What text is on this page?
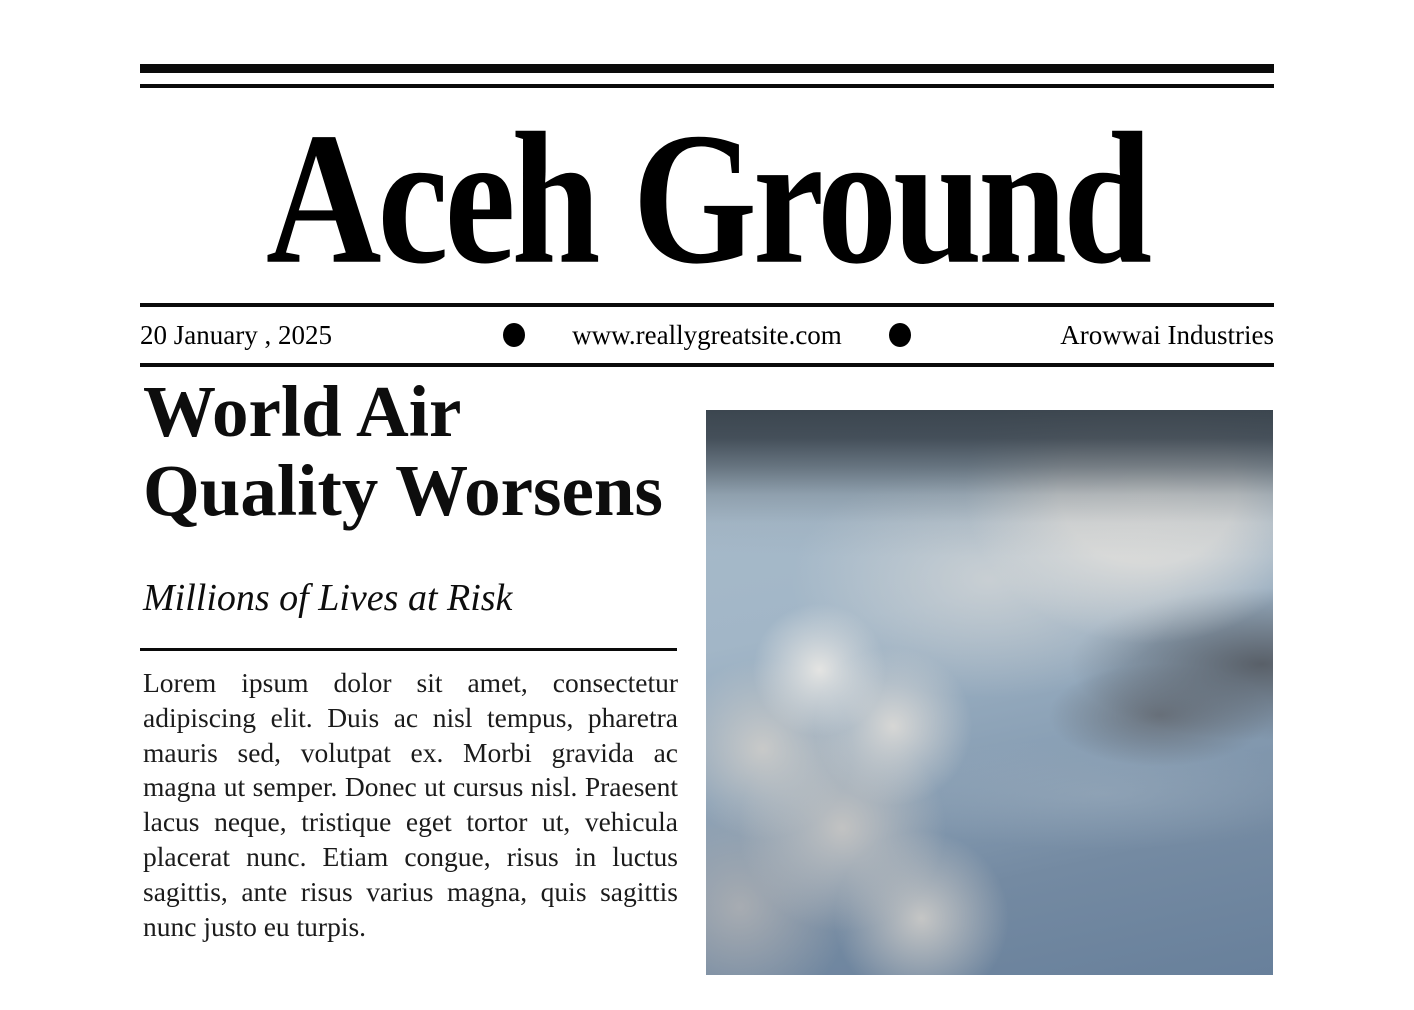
Aceh Ground
20 January , 2025	www.reallygreatsite.com	Arowwai Industries
World Air Quality Worsens
Millions of Lives at Risk

Lorem ipsum dolor sit amet, consectetur adipiscing elit. Duis ac nisl tempus, pharetra mauris sed, volutpat ex. Morbi gravida ac magna ut semper. Donec ut cursus nisl. Praesent lacus neque, tristique eget tortor ut, vehicula placerat nunc. Etiam congue, risus in luctus sagittis, ante risus varius magna, quis sagittis nunc justo eu turpis.
